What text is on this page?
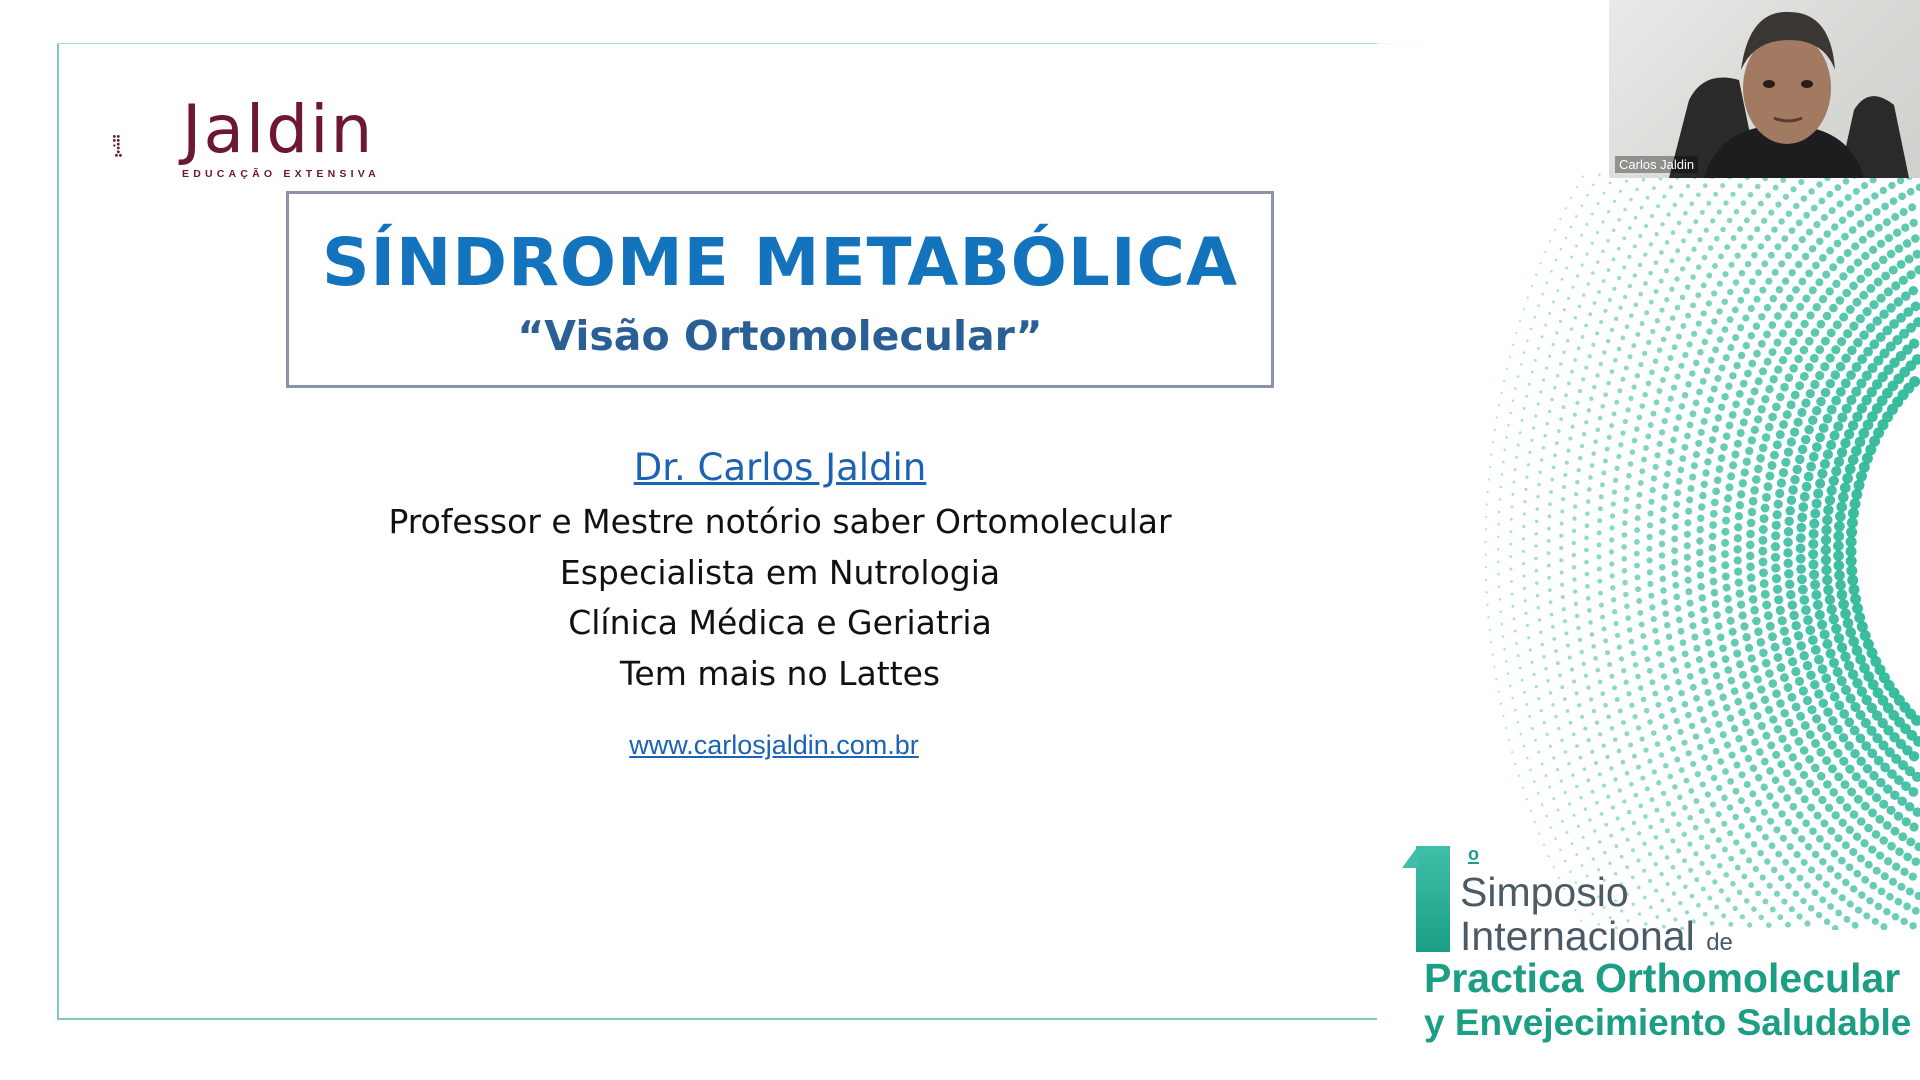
Jaldin
EDUCAÇÃO EXTENSIVA
SÍNDROME METABÓLICA
“Visão Ortomolecular”
Dr. Carlos Jaldin
Professor e Mestre notório saber Ortomolecular
Especialista em Nutrologia
Clínica Médica e Geriatria
Tem mais no Lattes
www.carlosjaldin.com.br
Carlos Jaldin
o
Simposio
Internacional de
Practica Orthomolecular
y Envejecimiento Saludable
